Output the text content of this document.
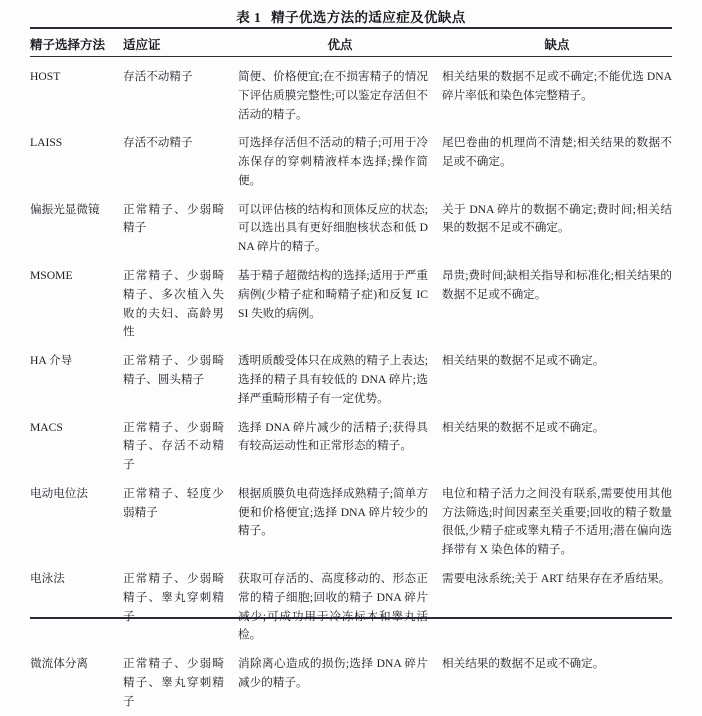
表 1 精子优选方法的适应症及优缺点
精子选择方法	适应证	优点	缺点
HOST	存活不动精子	简便、价格便宜;在不损害精子的情况下评估质膜完整性;可以鉴定存活但不活动的精子。	相关结果的数据不足或不确定;不能优选 DNA 碎片率低和染色体完整精子。
LAISS	存活不动精子	可选择存活但不活动的精子;可用于冷冻保存的穿刺精液样本选择;操作简便。	尾巴卷曲的机理尚不清楚;相关结果的数据不足或不确定。
偏振光显微镜	正常精子、少弱畸精子	可以评估核的结构和顶体反应的状态;可以选出具有更好细胞核状态和低 DNA 碎片的精子。	关于 DNA 碎片的数据不确定;费时间;相关结果的数据不足或不确定。
MSOME	正常精子、少弱畸精子、多次植入失败的夫妇、高龄男性	基于精子超微结构的选择;适用于严重病例(少精子症和畸精子症)和反复 ICSI 失败的病例。	昂贵;费时间;缺相关指导和标准化;相关结果的数据不足或不确定。
HA 介导	正常精子、少弱畸精子、圆头精子	透明质酸受体只在成熟的精子上表达;选择的精子具有较低的 DNA 碎片;选择严重畸形精子有一定优势。	相关结果的数据不足或不确定。
MACS	正常精子、少弱畸精子、存活不动精子	选择 DNA 碎片减少的活精子;获得具有较高运动性和正常形态的精子。	相关结果的数据不足或不确定。
电动电位法	正常精子、轻度少弱精子	根据质膜负电荷选择成熟精子;简单方便和价格便宜;选择 DNA 碎片较少的精子。	电位和精子活力之间没有联系,需要使用其他方法筛选;时间因素至关重要;回收的精子数量很低,少精子症或睾丸精子不适用;潜在偏向选择带有 X 染色体的精子。
电泳法	正常精子、少弱畸精子、睾丸穿刺精子	获取可存活的、高度移动的、形态正常的精子细胞;回收的精子 DNA 碎片减少;可成功用于冷冻标本和睾丸活检。	需要电泳系统;关于 ART 结果存在矛盾结果。
微流体分离	正常精子、少弱畸精子、睾丸穿刺精子	消除离心造成的损伤;选择 DNA 碎片减少的精子。	相关结果的数据不足或不确定。
